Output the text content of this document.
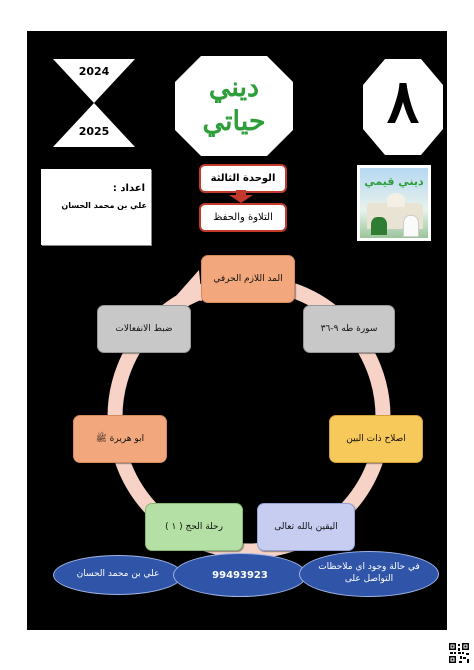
2024
2025
ديني
حياتي	٨
اعداد :
علي بن محمد الحسان
الوحدة الثالثة
التلاوة والحفظ
ديني قيمي
المد اللازم الحرفي
سورة طه ٩-٣٦
اصلاح ذات البين
اليقين بالله تعالى
رحلة الحج ( ١ )
ابو هريرة ﷺ
ضبط الانفعالات
علي بن محمد الحسان	99493923
في حالة وجود اي ملاحظات التواصل على
